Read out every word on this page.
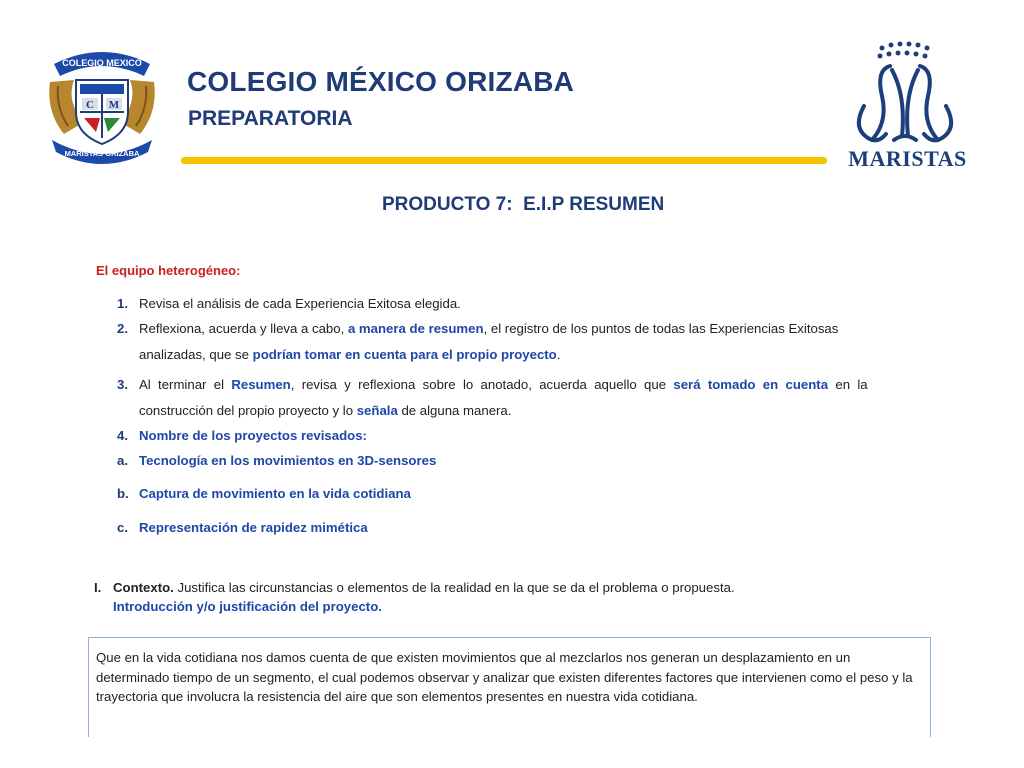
COLEGIO MEXICO
C M
MARISTAS ORIZABA	MARISTAS
COLEGIO MÉXICO ORIZABA
PREPARATORIA
PRODUCTO 7:  E.I.P RESUMEN
El equipo heterogéneo:
1. Revisa el análisis de cada Experiencia Exitosa elegida.
2. Reflexiona, acuerda y lleva a cabo, a manera de resumen, el registro de los puntos de todas las Experiencias Exitosas
analizadas, que se podrían tomar en cuenta para el propio proyecto.
3. Al  terminar  el  Resumen,  revisa  y  reflexiona  sobre  lo  anotado,  acuerda  aquello  que  será  tomado  en  cuenta  en  la
construcción del propio proyecto y lo señala de alguna manera.
4. Nombre de los proyectos revisados:
a. Tecnología en los movimientos en 3D-sensores
b. Captura de movimiento en la vida cotidiana
c. Representación de rapidez mimética
I. Contexto. Justifica las circunstancias o elementos de la realidad en la que se da el problema o propuesta.
Introducción y/o justificación del proyecto.
Que en la vida cotidiana nos damos cuenta de que existen movimientos que al mezclarlos nos generan un desplazamiento en un determinado tiempo de un segmento, el cual podemos observar y analizar que existen diferentes factores que intervienen como el peso y la trayectoria que involucra la resistencia del aire que son elementos presentes en nuestra vida cotidiana.
